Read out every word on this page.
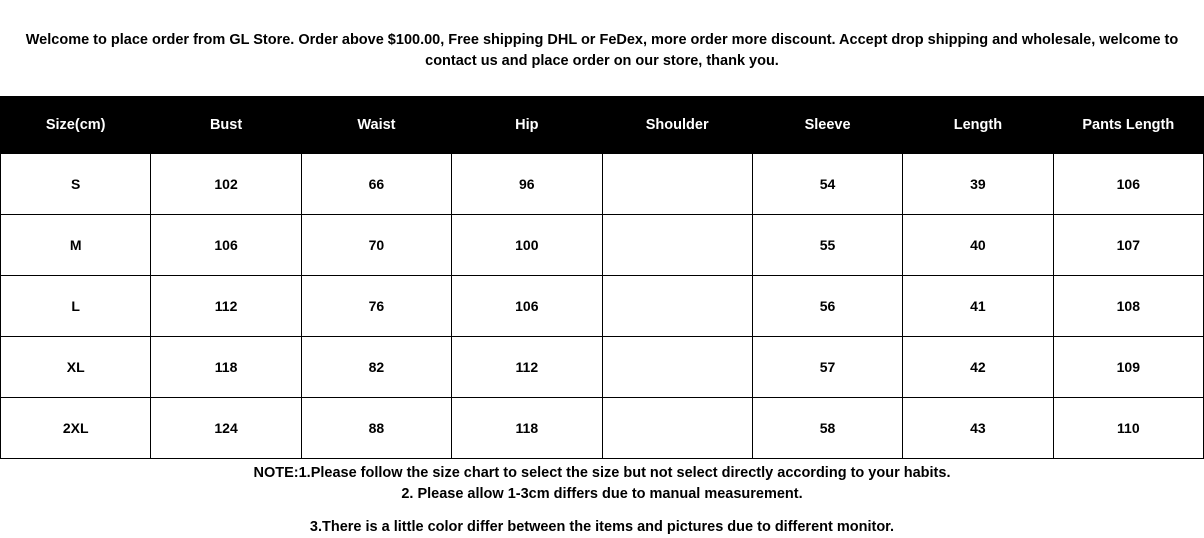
Welcome to place order from GL Store. Order above $100.00, Free shipping DHL or FeDex, more order more discount. Accept drop shipping and wholesale, welcome to contact us and place order on our store, thank you.
Size(cm)	Bust	Waist	Hip	Shoulder	Sleeve	Length	Pants Length
S	102	66	96		54	39	106
M	106	70	100		55	40	107
L	112	76	106		56	41	108
XL	118	82	112		57	42	109
2XL	124	88	118		58	43	110
NOTE:1.Please follow the size chart to select the size but not select directly according to your habits.
2. Please allow 1-3cm differs due to manual measurement.
3.There is a little color differ between the items and pictures due to different monitor.
